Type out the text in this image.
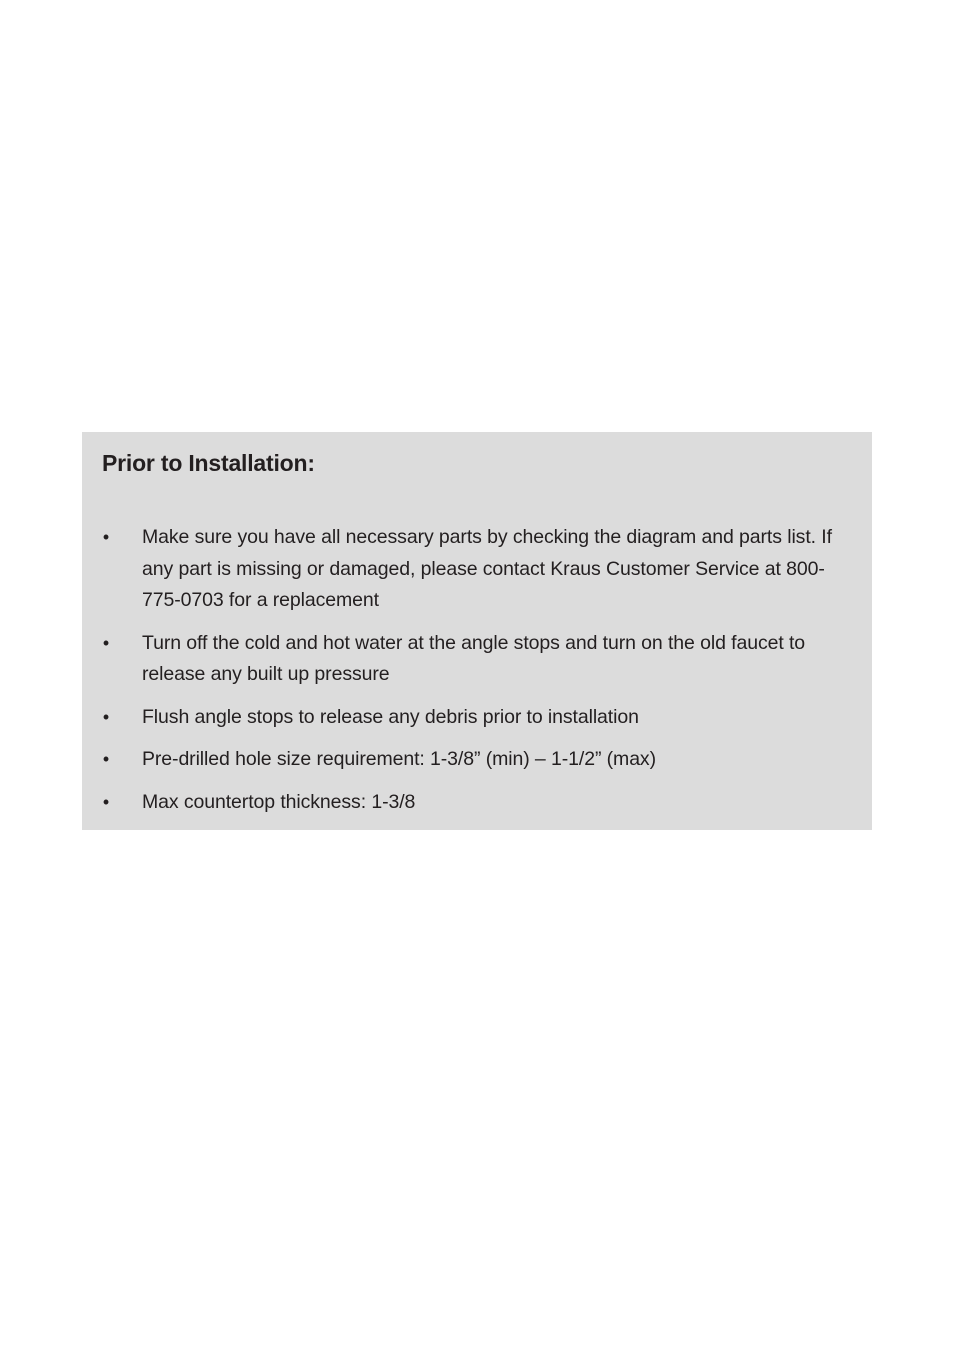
Prior to Installation:
• Make sure you have all necessary parts by checking the diagram and parts list. If any part is missing or damaged, please contact Kraus Customer Service at 800-775-0703 for a replacement
• Turn off the cold and hot water at the angle stops and turn on the old faucet to release any built up pressure
• Flush angle stops to release any debris prior to installation
• Pre-drilled hole size requirement: 1-3/8” (min) – 1-1/2” (max)
• Max countertop thickness: 1-3/8
